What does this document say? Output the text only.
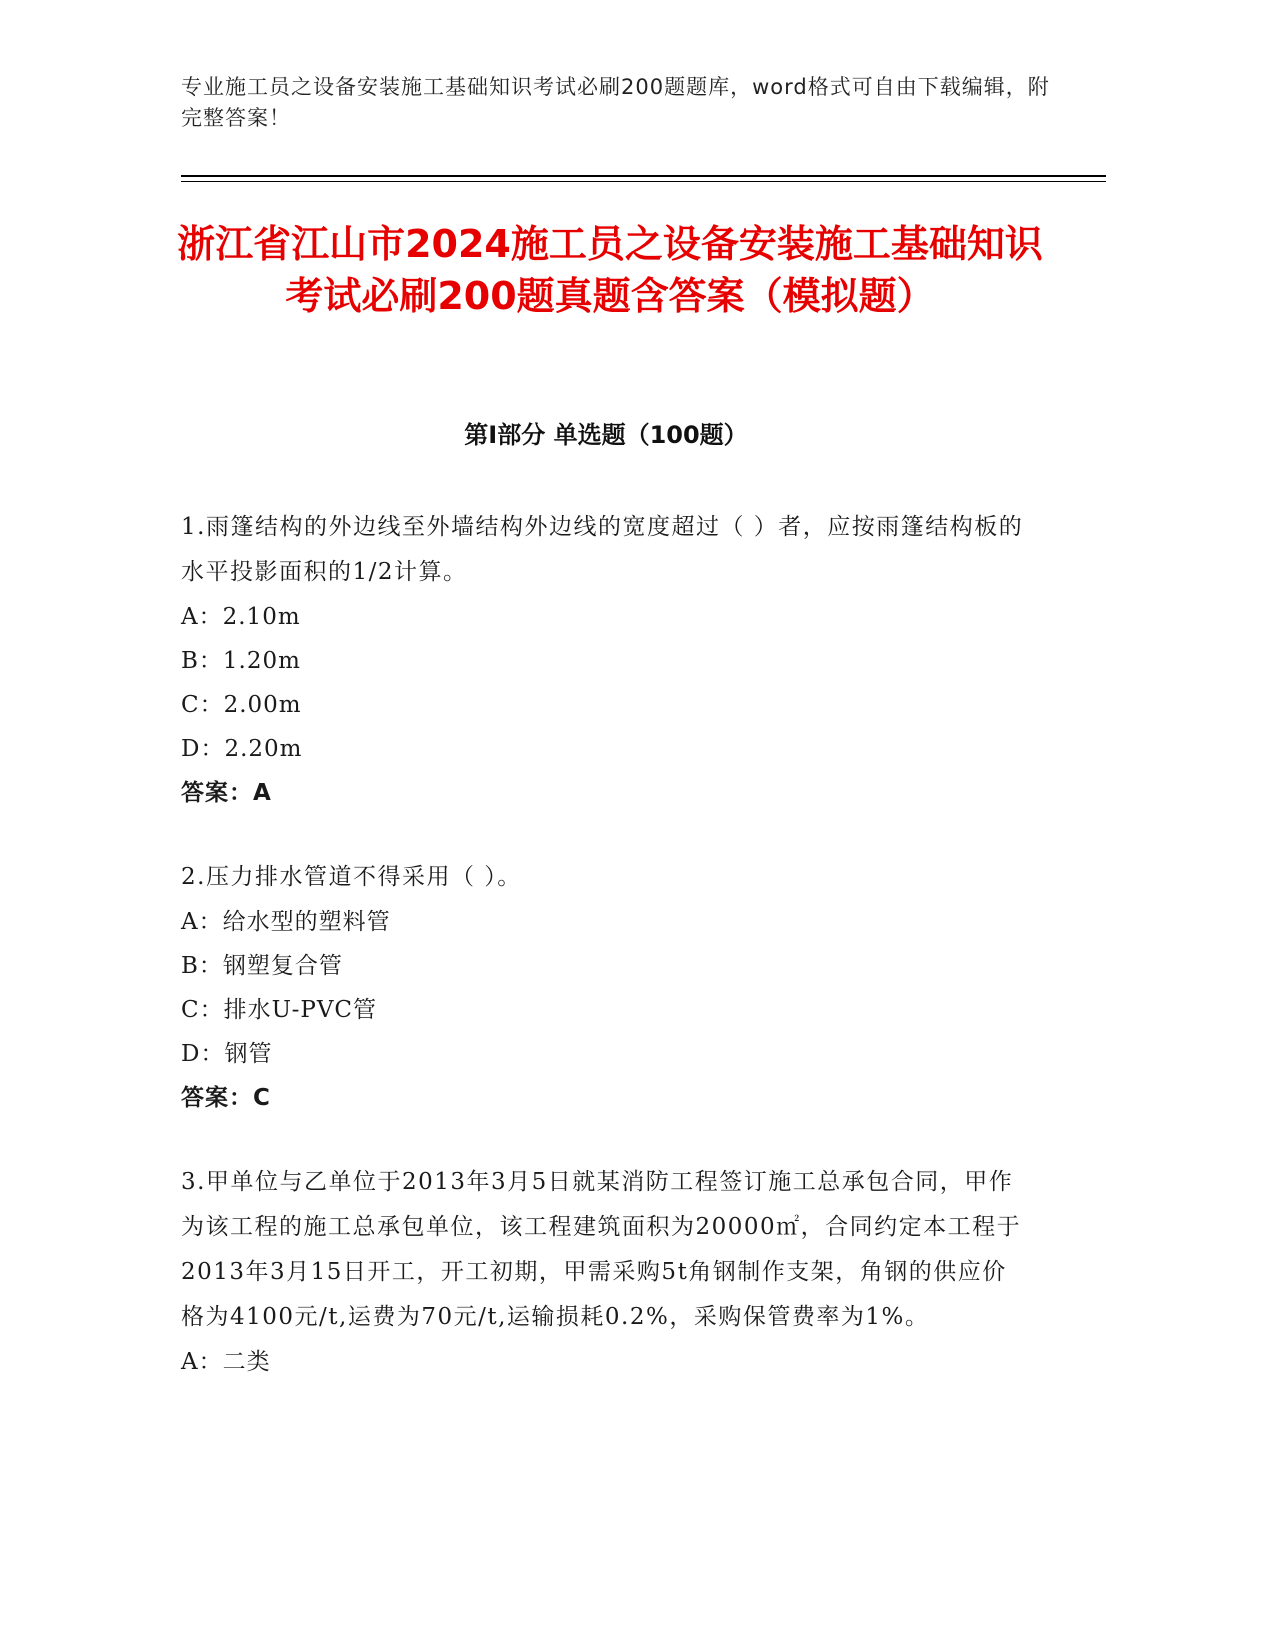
专业施工员之设备安装施工基础知识考试必刷200题题库，word格式可自由下载编辑，附完整答案！
浙江省江山市2024施工员之设备安装施工基础知识考试必刷200题真题含答案（模拟题）
第I部分 单选题（100题）
1.雨篷结构的外边线至外墙结构外边线的宽度超过（ ）者，应按雨篷结构板的水平投影面积的1/2计算。
A：2.10m
B：1.20m
C：2.00m
D：2.20m
答案：A
2.压力排水管道不得采用（ ）。
A：给水型的塑料管
B：钢塑复合管
C：排水U-PVC管
D：钢管
答案：C
3.甲单位与乙单位于2013年3月5日就某消防工程签订施工总承包合同，甲作为该工程的施工总承包单位，该工程建筑面积为20000㎡，合同约定本工程于2013年3月15日开工，开工初期，甲需采购5t角钢制作支架，角钢的供应价格为4100元/t,运费为70元/t,运输损耗0.2%，采购保管费率为1%。
A：二类
